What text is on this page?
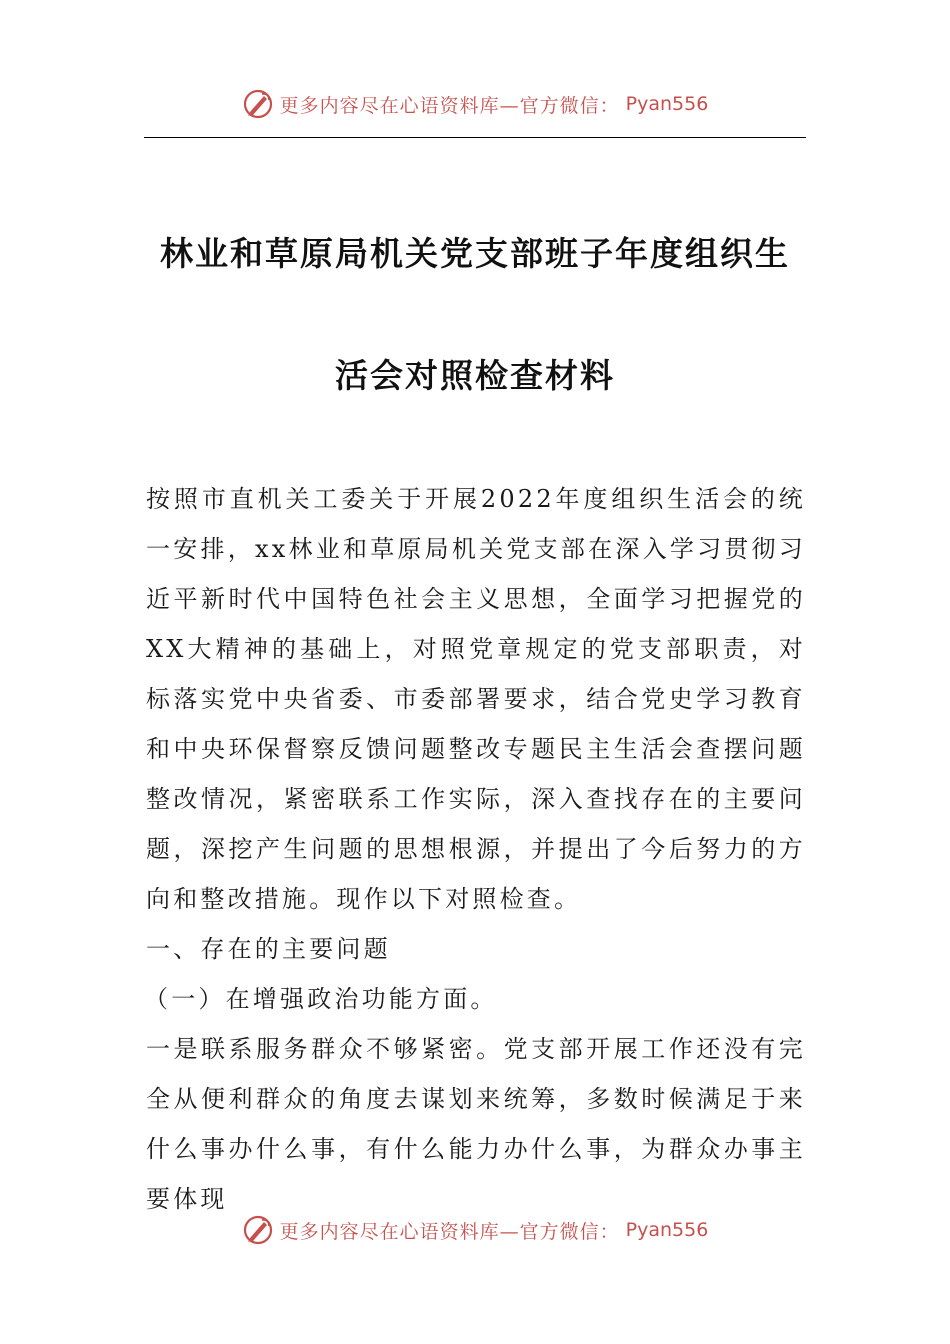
更多内容尽在心语资料库—官方微信： Pyan556
林业和草原局机关党支部班子年度组织生
活会对照检查材料
按照市直机关工委关于开展2022年度组织生活会的统一安排，xx林业和草原局机关党支部在深入学习贯彻习近平新时代中国特色社会主义思想，全面学习把握党的XX大精神的基础上，对照党章规定的党支部职责，对标落实党中央省委、市委部署要求，结合党史学习教育和中央环保督察反馈问题整改专题民主生活会查摆问题整改情况，紧密联系工作实际，深入查找存在的主要问题，深挖产生问题的思想根源，并提出了今后努力的方向和整改措施。现作以下对照检查。
一、存在的主要问题
（一）在增强政治功能方面。
一是联系服务群众不够紧密。党支部开展工作还没有完全从便利群众的角度去谋划来统筹，多数时候满足于来什么事办什么事，有什么能力办什么事，为群众办事主要体现
更多内容尽在心语资料库—官方微信： Pyan556
